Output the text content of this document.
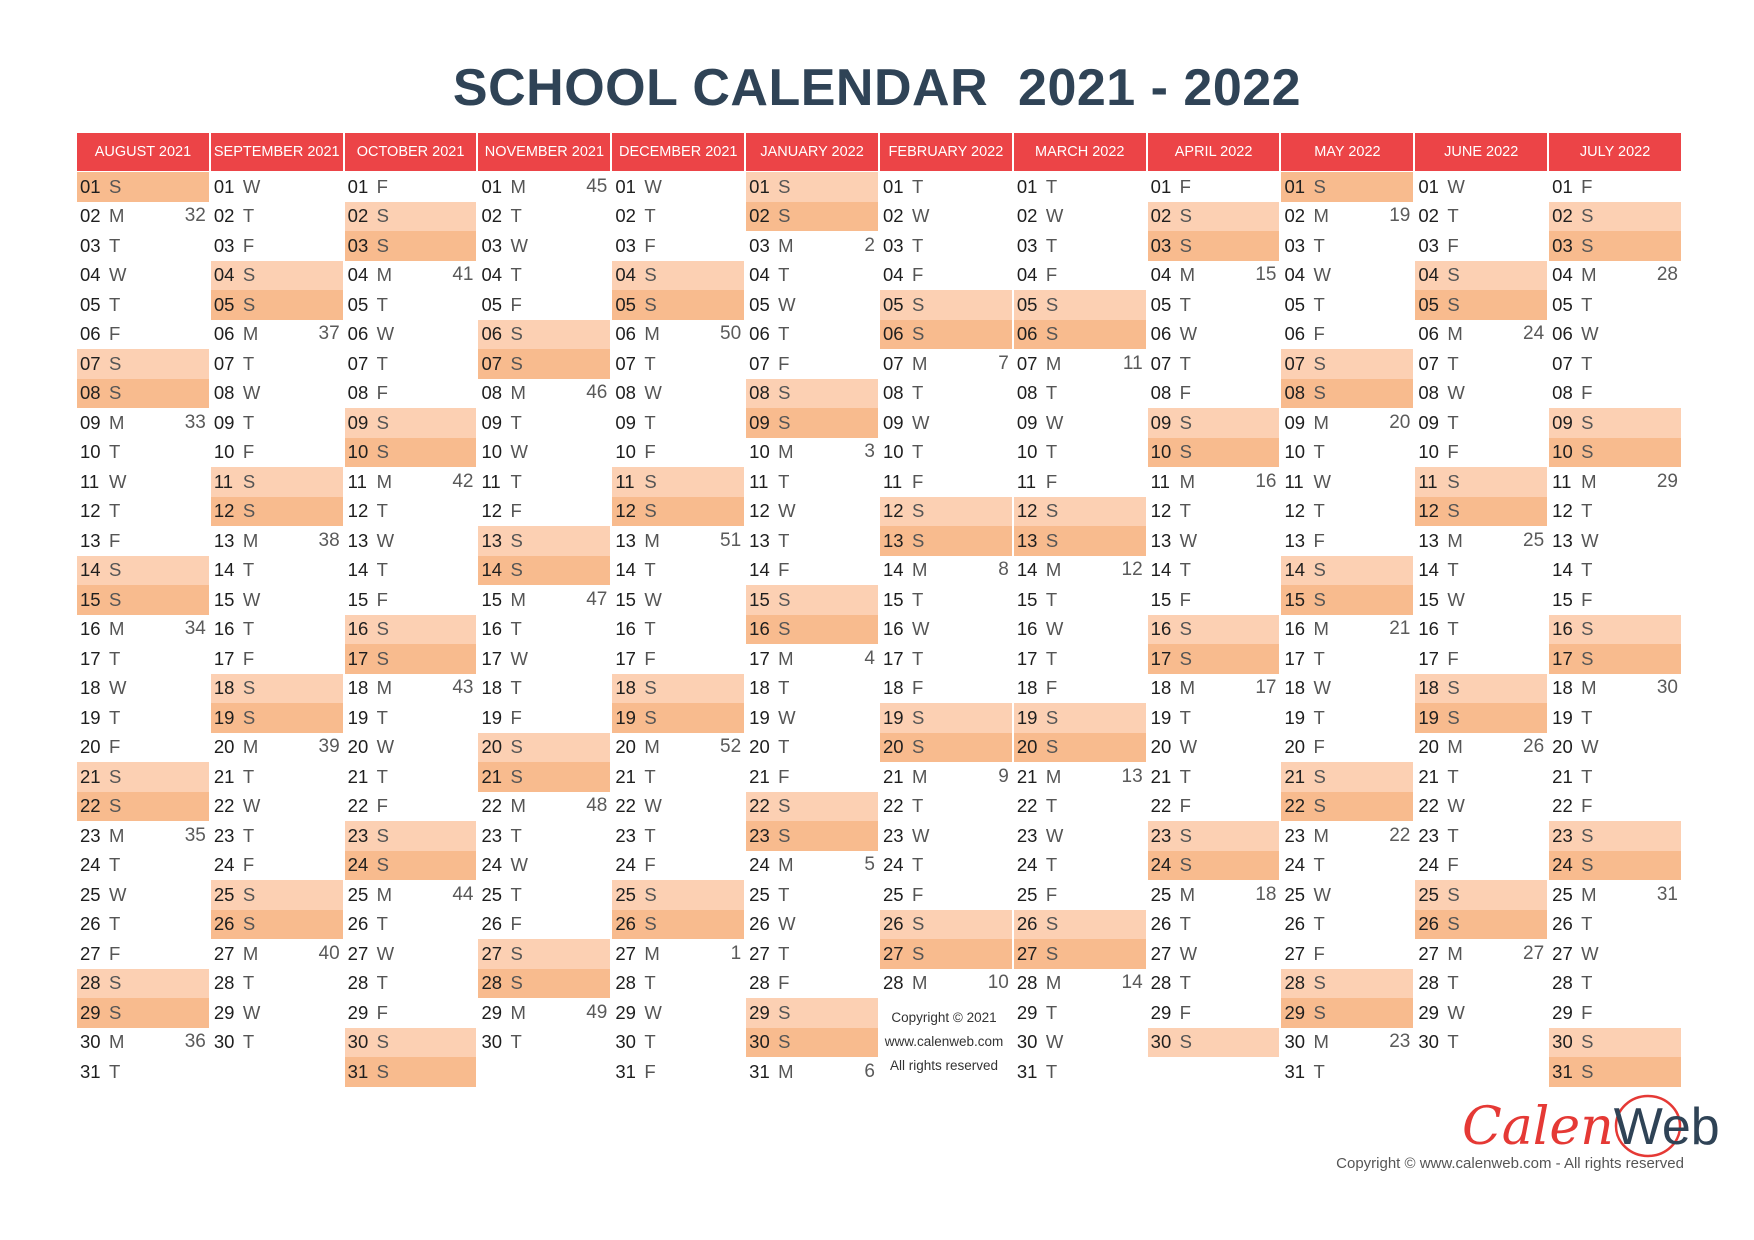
SCHOOL CALENDAR  2021 - 2022
AUGUST 2021
01 S
02 M	32
03 T
04 W
05 T
06 F
07 S
08 S
09 M	33
10 T
11 W
12 T
13 F
14 S
15 S
16 M	34
17 T
18 W
19 T
20 F
21 S
22 S
23 M	35
24 T
25 W
26 T
27 F
28 S
29 S
30 M	36
31 T
SEPTEMBER 2021
01 W
02 T
03 F
04 S
05 S
06 M	37
07 T
08 W
09 T
10 F
11 S
12 S
13 M	38
14 T
15 W
16 T
17 F
18 S
19 S
20 M	39
21 T
22 W
23 T
24 F
25 S
26 S
27 M	40
28 T
29 W
30 T
OCTOBER 2021
01 F
02 S
03 S
04 M	41
05 T
06 W
07 T
08 F
09 S
10 S
11 M	42
12 T
13 W
14 T
15 F
16 S
17 S
18 M	43
19 T
20 W
21 T
22 F
23 S
24 S
25 M	44
26 T
27 W
28 T
29 F
30 S
31 S
NOVEMBER 2021
01 M	45
02 T
03 W
04 T
05 F
06 S
07 S
08 M	46
09 T
10 W
11 T
12 F
13 S
14 S
15 M	47
16 T
17 W
18 T
19 F
20 S
21 S
22 M	48
23 T
24 W
25 T
26 F
27 S
28 S
29 M	49
30 T
DECEMBER 2021
01 W
02 T
03 F
04 S
05 S
06 M	50
07 T
08 W
09 T
10 F
11 S
12 S
13 M	51
14 T
15 W
16 T
17 F
18 S
19 S
20 M	52
21 T
22 W
23 T
24 F
25 S
26 S
27 M	1
28 T
29 W
30 T
31 F
JANUARY 2022
01 S
02 S
03 M	2
04 T
05 W
06 T
07 F
08 S
09 S
10 M	3
11 T
12 W
13 T
14 F
15 S
16 S
17 M	4
18 T
19 W
20 T
21 F
22 S
23 S
24 M	5
25 T
26 W
27 T
28 F
29 S
30 S
31 M	6
FEBRUARY 2022
01 T
02 W
03 T
04 F
05 S
06 S
07 M	7
08 T
09 W
10 T
11 F
12 S
13 S
14 M	8
15 T
16 W
17 T
18 F
19 S
20 S
21 M	9
22 T
23 W
24 T
25 F
26 S
27 S
28 M	10
MARCH 2022
01 T
02 W
03 T
04 F
05 S
06 S
07 M	11
08 T
09 W
10 T
11 F
12 S
13 S
14 M	12
15 T
16 W
17 T
18 F
19 S
20 S
21 M	13
22 T
23 W
24 T
25 F
26 S
27 S
28 M	14
29 T
30 W
31 T
APRIL 2022
01 F
02 S
03 S
04 M	15
05 T
06 W
07 T
08 F
09 S
10 S
11 M	16
12 T
13 W
14 T
15 F
16 S
17 S
18 M	17
19 T
20 W
21 T
22 F
23 S
24 S
25 M	18
26 T
27 W
28 T
29 F
30 S
MAY 2022
01 S
02 M	19
03 T
04 W
05 T
06 F
07 S
08 S
09 M	20
10 T
11 W
12 T
13 F
14 S
15 S
16 M	21
17 T
18 W
19 T
20 F
21 S
22 S
23 M	22
24 T
25 W
26 T
27 F
28 S
29 S
30 M	23
31 T
JUNE 2022
01 W
02 T
03 F
04 S
05 S
06 M	24
07 T
08 W
09 T
10 F
11 S
12 S
13 M	25
14 T
15 W
16 T
17 F
18 S
19 S
20 M	26
21 T
22 W
23 T
24 F
25 S
26 S
27 M	27
28 T
29 W
30 T
JULY 2022
01 F
02 S
03 S
04 M	28
05 T
06 W
07 T
08 F
09 S
10 S
11 M	29
12 T
13 W
14 T
15 F
16 S
17 S
18 M	30
19 T
20 W
21 T
22 F
23 S
24 S
25 M	31
26 T
27 W
28 T
29 F
30 S
31 S
Copyright © 2021
www.calenweb.com
All rights reserved
CalenWeb
Copyright © www.calenweb.com - All rights reserved
